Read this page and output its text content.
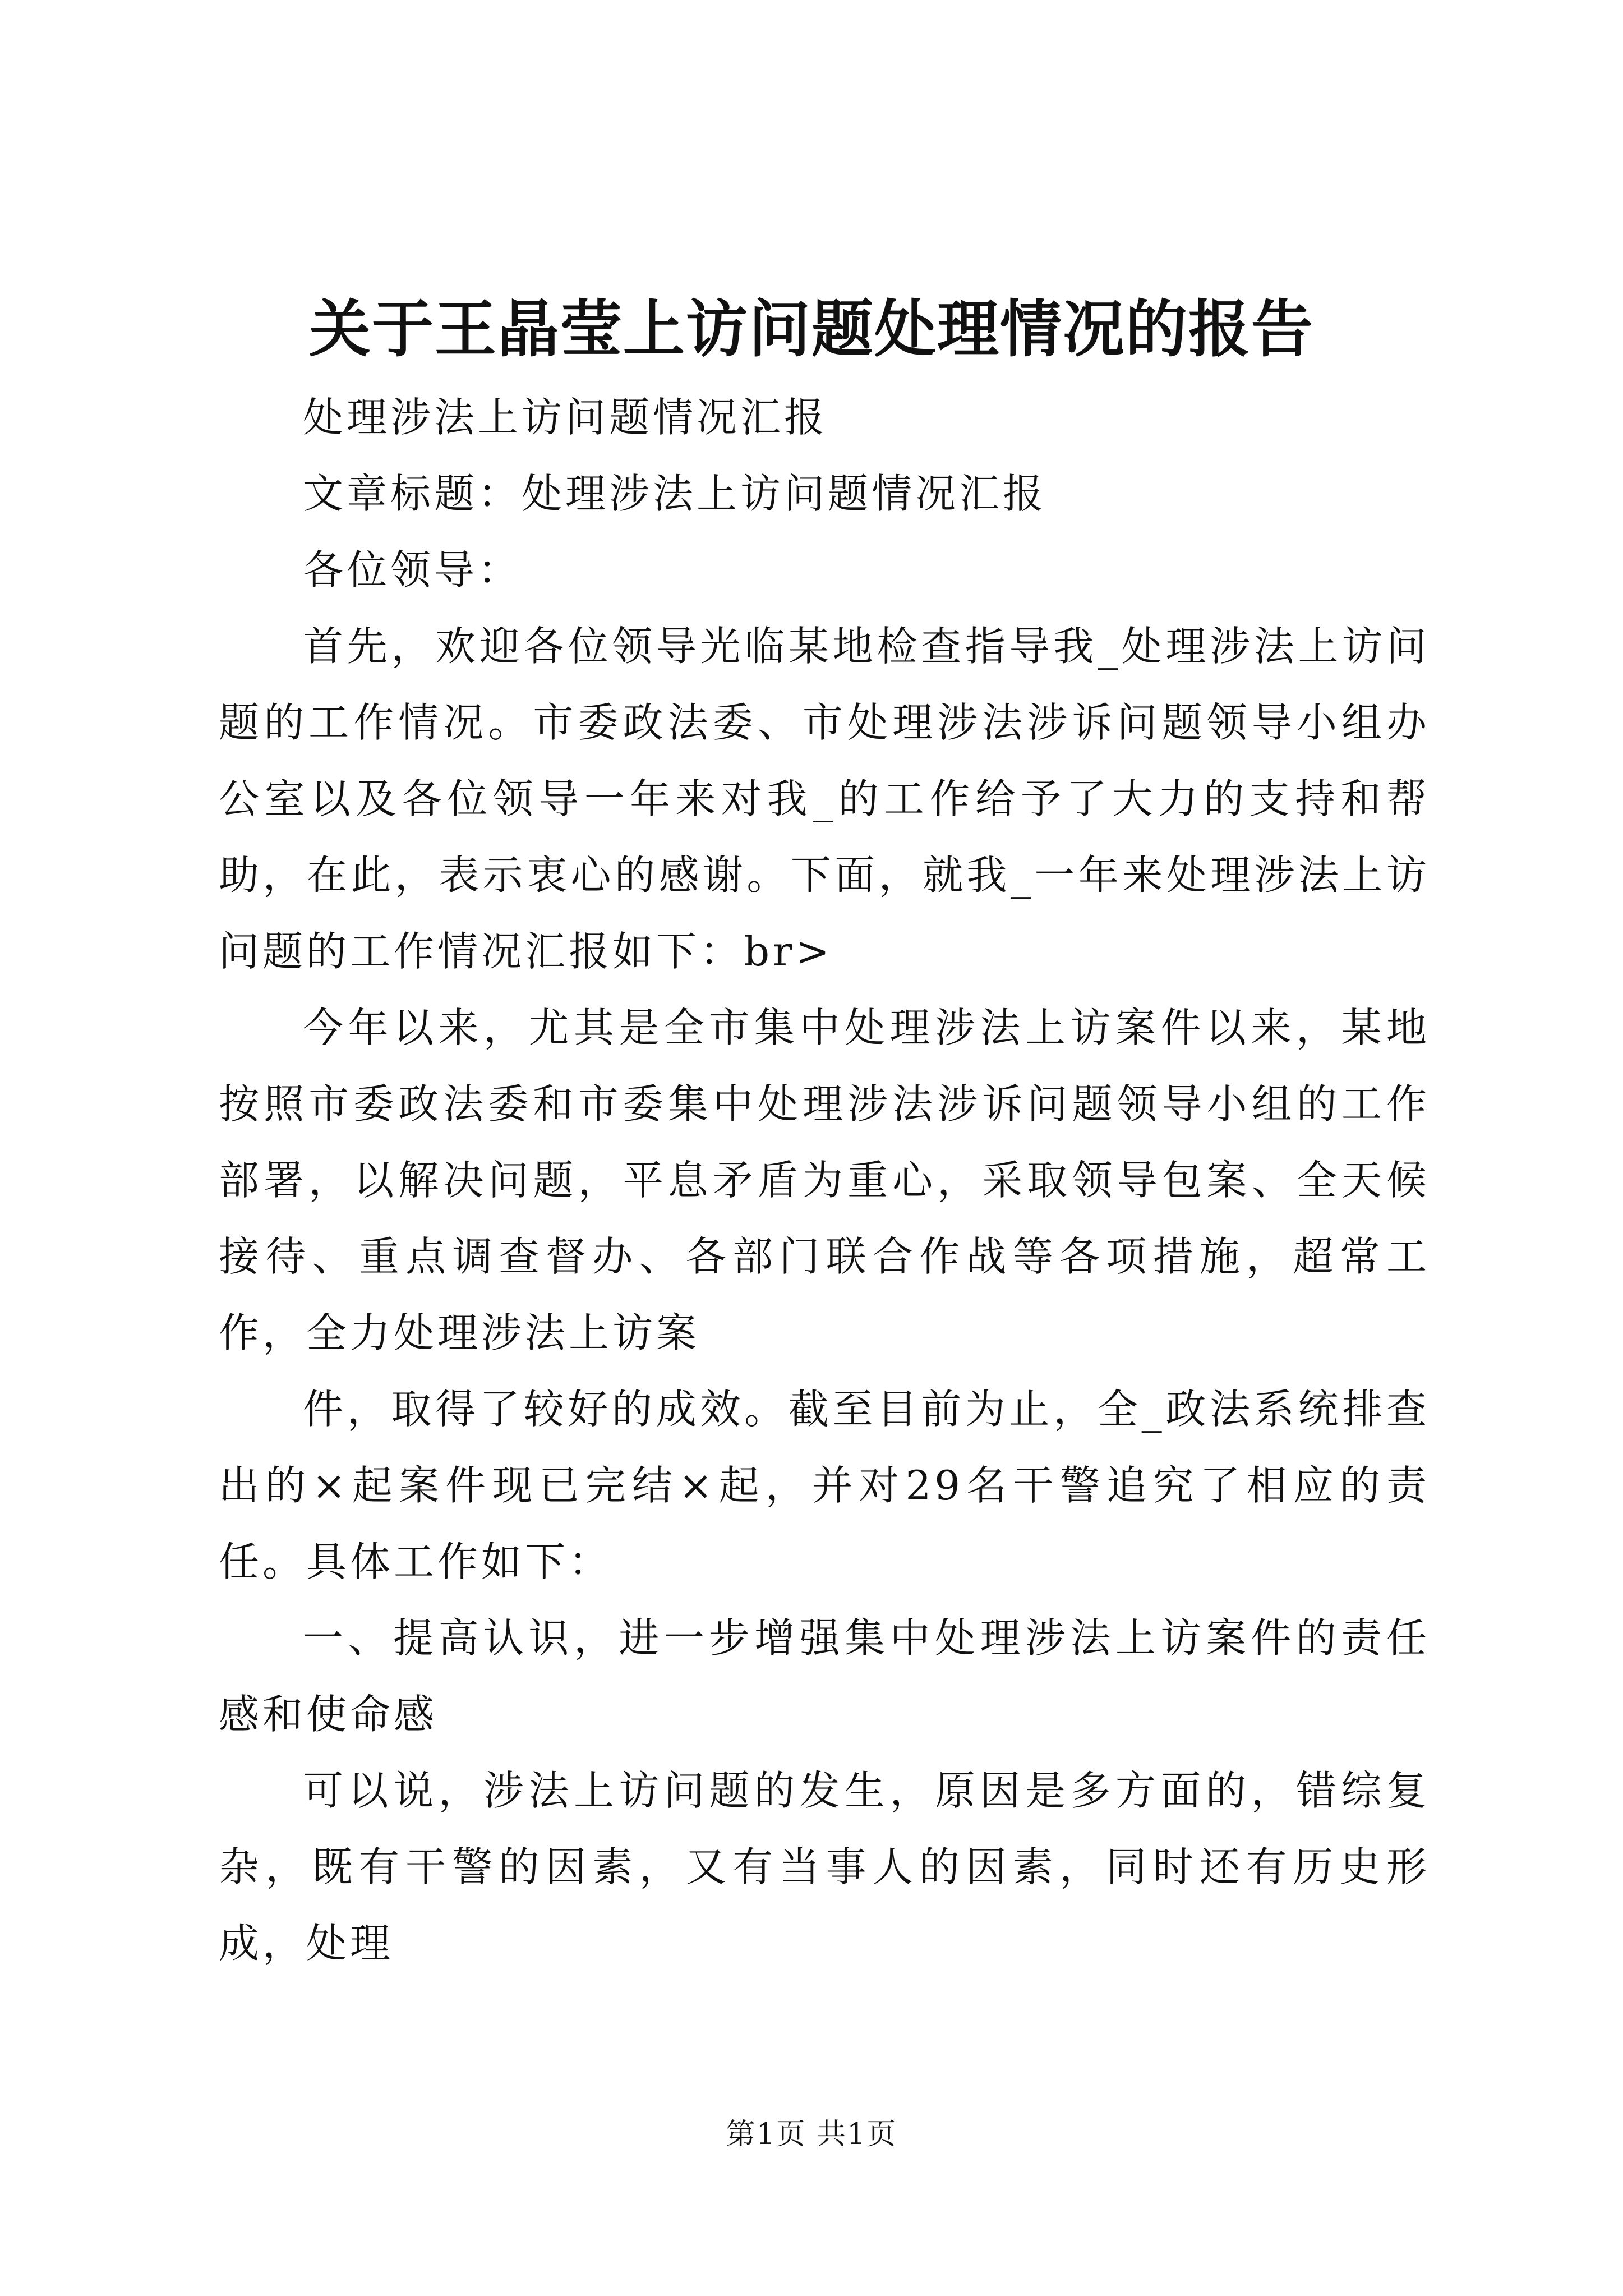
关于王晶莹上访问题处理情况的报告

处理涉法上访问题情况汇报

文章标题：处理涉法上访问题情况汇报

各位领导：

首先，欢迎各位领导光临某地检查指导我_处理涉法上访问题的工作情况。市委政法委、市处理涉法涉诉问题领导小组办公室以及各位领导一年来对我_的工作给予了大力的支持和帮助，在此，表示衷心的感谢。下面，就我_一年来处理涉法上访问题的工作情况汇报如下：br>

今年以来，尤其是全市集中处理涉法上访案件以来，某地按照市委政法委和市委集中处理涉法涉诉问题领导小组的工作部署，以解决问题，平息矛盾为重心，采取领导包案、全天候接待、重点调查督办、各部门联合作战等各项措施，超常工作，全力处理涉法上访案

件，取得了较好的成效。截至目前为止，全_政法系统排查出的×起案件现已完结×起，并对29名干警追究了相应的责任。具体工作如下：

一、提高认识，进一步增强集中处理涉法上访案件的责任感和使命感

可以说，涉法上访问题的发生，原因是多方面的，错综复杂，既有干警的因素，又有当事人的因素，同时还有历史形成，处理

第1页 共1页
